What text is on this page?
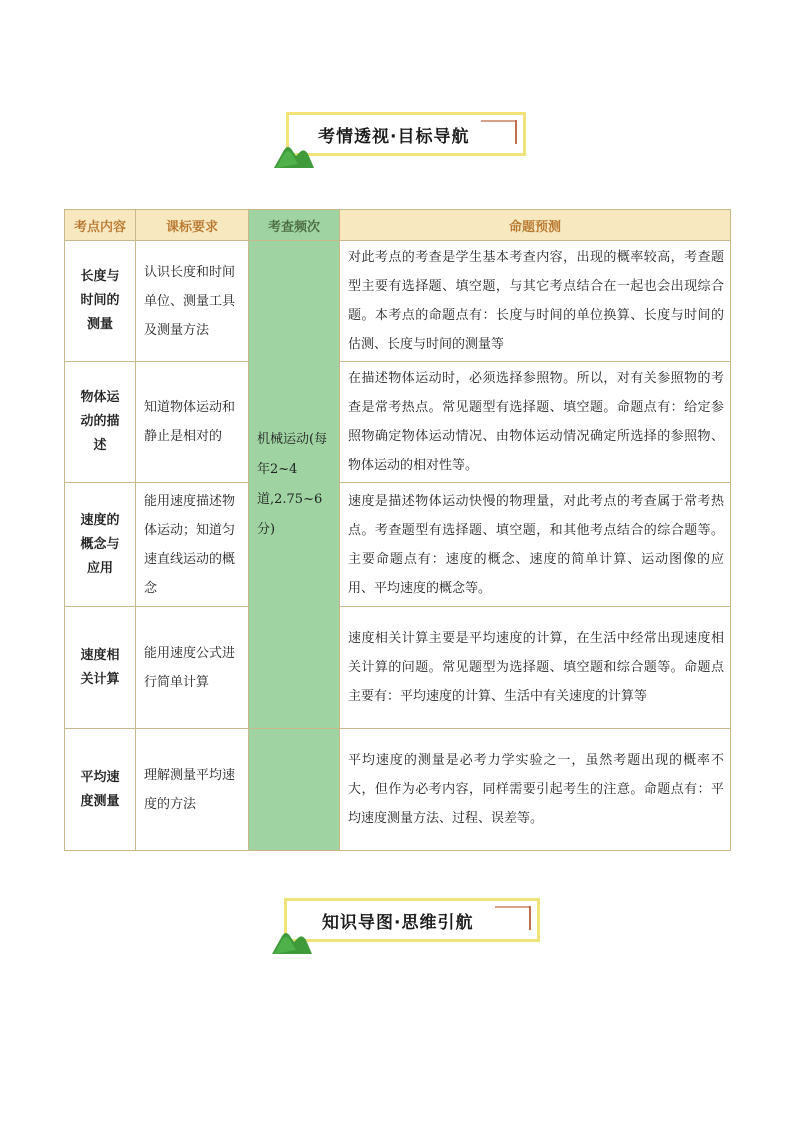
考情透视·目标导航
考点内容	课标要求	考查频次	命题预测
长度与时间的测量	认识长度和时间单位、测量工具及测量方法	机械运动(每年2~4道,2.75~6分)	对此考点的考查是学生基本考查内容，出现的概率较高，考查题型主要有选择题、填空题，与其它考点结合在一起也会出现综合题。本考点的命题点有：长度与时间的单位换算、长度与时间的估测、长度与时间的测量等
物体运动的描述	知道物体运动和静止是相对的		在描述物体运动时，必须选择参照物。所以，对有关参照物的考查是常考热点。常见题型有选择题、填空题。命题点有：给定参照物确定物体运动情况、由物体运动情况确定所选择的参照物、物体运动的相对性等。
速度的概念与应用	能用速度描述物体运动；知道匀速直线运动的概念		速度是描述物体运动快慢的物理量，对此考点的考查属于常考热点。考查题型有选择题、填空题，和其他考点结合的综合题等。主要命题点有：速度的概念、速度的简单计算、运动图像的应用、平均速度的概念等。
速度相关计算	能用速度公式进行简单计算		速度相关计算主要是平均速度的计算，在生活中经常出现速度相关计算的问题。常见题型为选择题、填空题和综合题等。命题点主要有：平均速度的计算、生活中有关速度的计算等
平均速度测量	理解测量平均速度的方法		平均速度的测量是必考力学实验之一，虽然考题出现的概率不大，但作为必考内容，同样需要引起考生的注意。命题点有：平均速度测量方法、过程、误差等。
知识导图·思维引航
